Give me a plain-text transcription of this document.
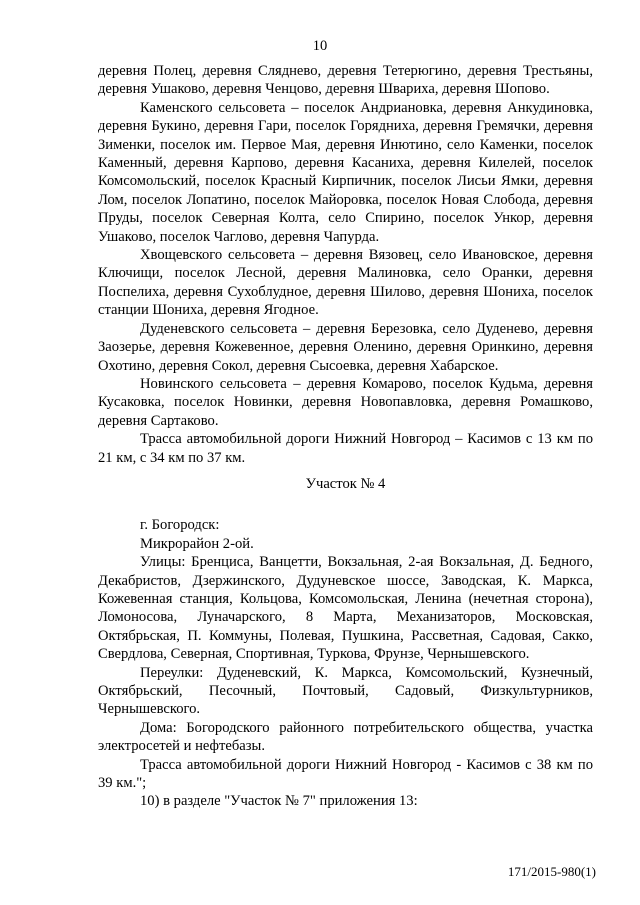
10

деревня Полец, деревня Сляднево, деревня Тетерюгино, деревня Трестьяны, деревня Ушаково, деревня Ченцово, деревня Швариха, деревня Шопово.

Каменского сельсовета – поселок Андриановка, деревня Анкудиновка, деревня Букино, деревня Гари, поселок Горядниха, деревня Гремячки, деревня Зименки, поселок им. Первое Мая, деревня Инютино, село Каменки, поселок Каменный, деревня Карпово, деревня Касаниха, деревня Килелей, поселок Комсомольский, поселок Красный Кирпичник, поселок Лисьи Ямки, деревня Лом, поселок Лопатино, поселок Майоровка, поселок Новая Слобода, деревня Пруды, поселок Северная Колта, село Спирино, поселок Ункор, деревня Ушаково, поселок Чаглово, деревня Чапурда.

Хвощевского сельсовета – деревня Вязовец, село Ивановское, деревня Ключищи, поселок Лесной, деревня Малиновка, село Оранки, деревня Поспелиха, деревня Сухоблудное, деревня Шилово, деревня Шониха, поселок станции Шониха, деревня Ягодное.

Дуденевского сельсовета – деревня Березовка, село Дуденево, деревня Заозерье, деревня Кожевенное, деревня Оленино, деревня Оринкино, деревня Охотино, деревня Сокол, деревня Сысоевка, деревня Хабарское.

Новинского сельсовета – деревня Комарово, поселок Кудьма, деревня Кусаковка, поселок Новинки, деревня Новопавловка, деревня Ромашково, деревня Сартаково.

Трасса автомобильной дороги Нижний Новгород – Касимов с 13 км по 21 км, с 34 км по 37 км.

Участок № 4

г. Богородск:

Микрорайон 2-ой.

Улицы: Бренциса, Ванцетти, Вокзальная, 2-ая Вокзальная, Д. Бедного, Декабристов, Дзержинского, Дудуневское шоссе, Заводская, К. Маркса, Кожевенная станция, Кольцова, Комсомольская, Ленина (нечетная сторона), Ломоносова, Луначарского, 8 Марта, Механизаторов, Московская, Октябрьская, П. Коммуны, Полевая, Пушкина, Рассветная, Садовая, Сакко, Свердлова, Северная, Спортивная, Туркова, Фрунзе, Чернышевского.

Переулки: Дуденевский, К. Маркса, Комсомольский, Кузнечный, Октябрьский, Песочный, Почтовый, Садовый, Физкультурников, Чернышевского.

Дома: Богородского районного потребительского общества, участка электросетей и нефтебазы.

Трасса автомобильной дороги Нижний Новгород - Касимов с 38 км по 39 км.";

10) в разделе "Участок № 7" приложения 13:

171/2015-980(1)
